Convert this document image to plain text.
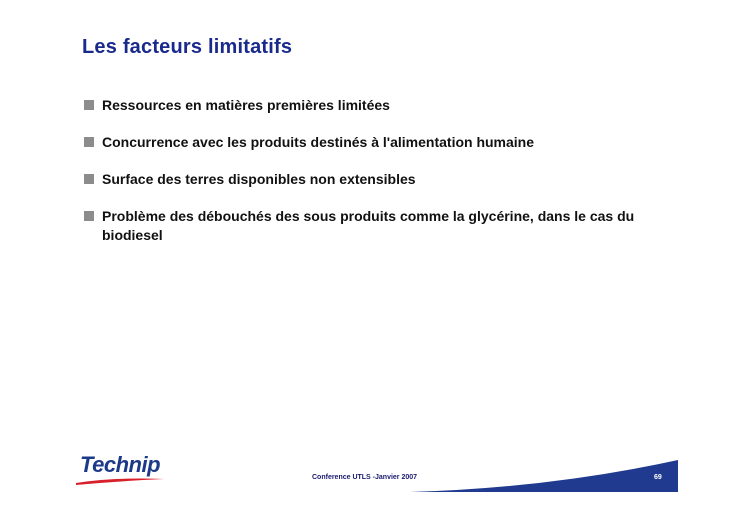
Les facteurs limitatifs
Ressources en matières premières limitées
Concurrence avec les produits destinés à l'alimentation humaine
Surface des terres disponibles non extensibles
Problème des débouchés des sous produits comme la glycérine, dans le cas du biodiesel
Technip
Conference UTLS -Janvier 2007	69
